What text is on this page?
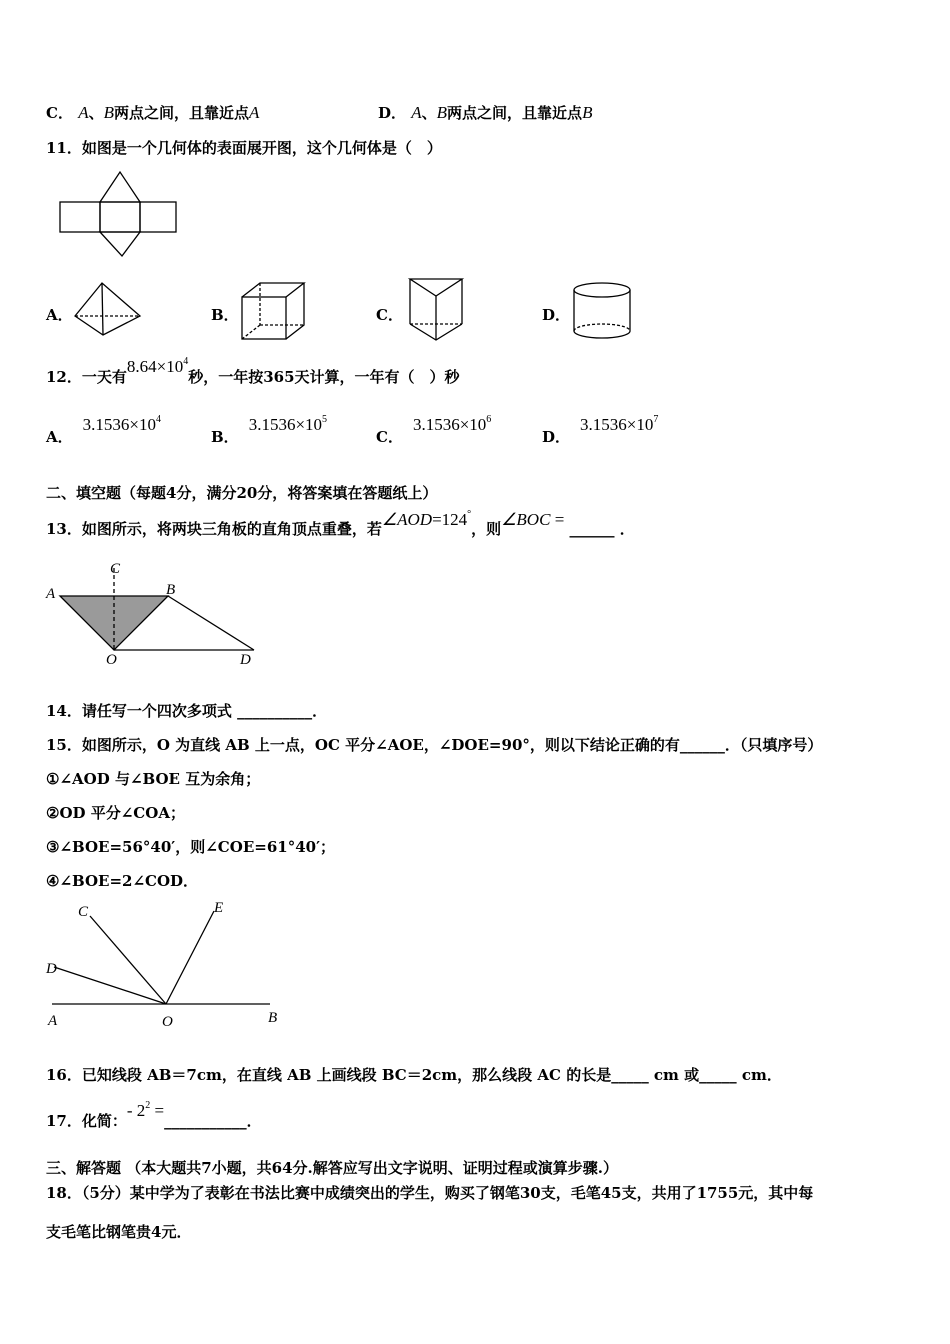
C． A、B两点之间，且靠近点A	D． A、B两点之间，且靠近点B
11．如图是一个几何体的表面展开图，这个几何体是（　）
A．	B．	C．	D．
12．一天有$8.64\times 10^4$秒，一年按365天计算，一年有（　）秒
A．$3.1536\times 10^4$
B．$3.1536\times 10^5$
C．$3.1536\times 10^6$
D．$3.1536\times 10^7$
二、填空题（每题4分，满分20分，将答案填在答题纸上）
13．如图所示，将两块三角板的直角顶点重叠，若∠AOD=124°，则∠BOC = ______ ．
A
C
B
O	D
14．请任写一个四次多项式 __________．
15．如图所示，O 为直线 AB 上一点，OC 平分∠AOE，∠DOE=90°，则以下结论正确的有______．（只填序号）
①∠AOD 与∠BOE 互为余角；
②OD 平分∠COA；
③∠BOE=56°40′，则∠COE=61°40′；
④∠BOE=2∠COD．
C	E
D
A	O	B
16．已知线段 AB＝7cm，在直线 AB 上画线段 BC＝2cm，那么线段 AC 的长是_____ cm 或_____ cm．
17．化简：- $2^2$ =___________．
三、解答题 （本大题共7小题，共64分.解答应写出文字说明、证明过程或演算步骤.）
18．（5分）某中学为了表彰在书法比赛中成绩突出的学生，购买了钢笔30支，毛笔45支，共用了1755元，其中每
支毛笔比钢笔贵4元．
